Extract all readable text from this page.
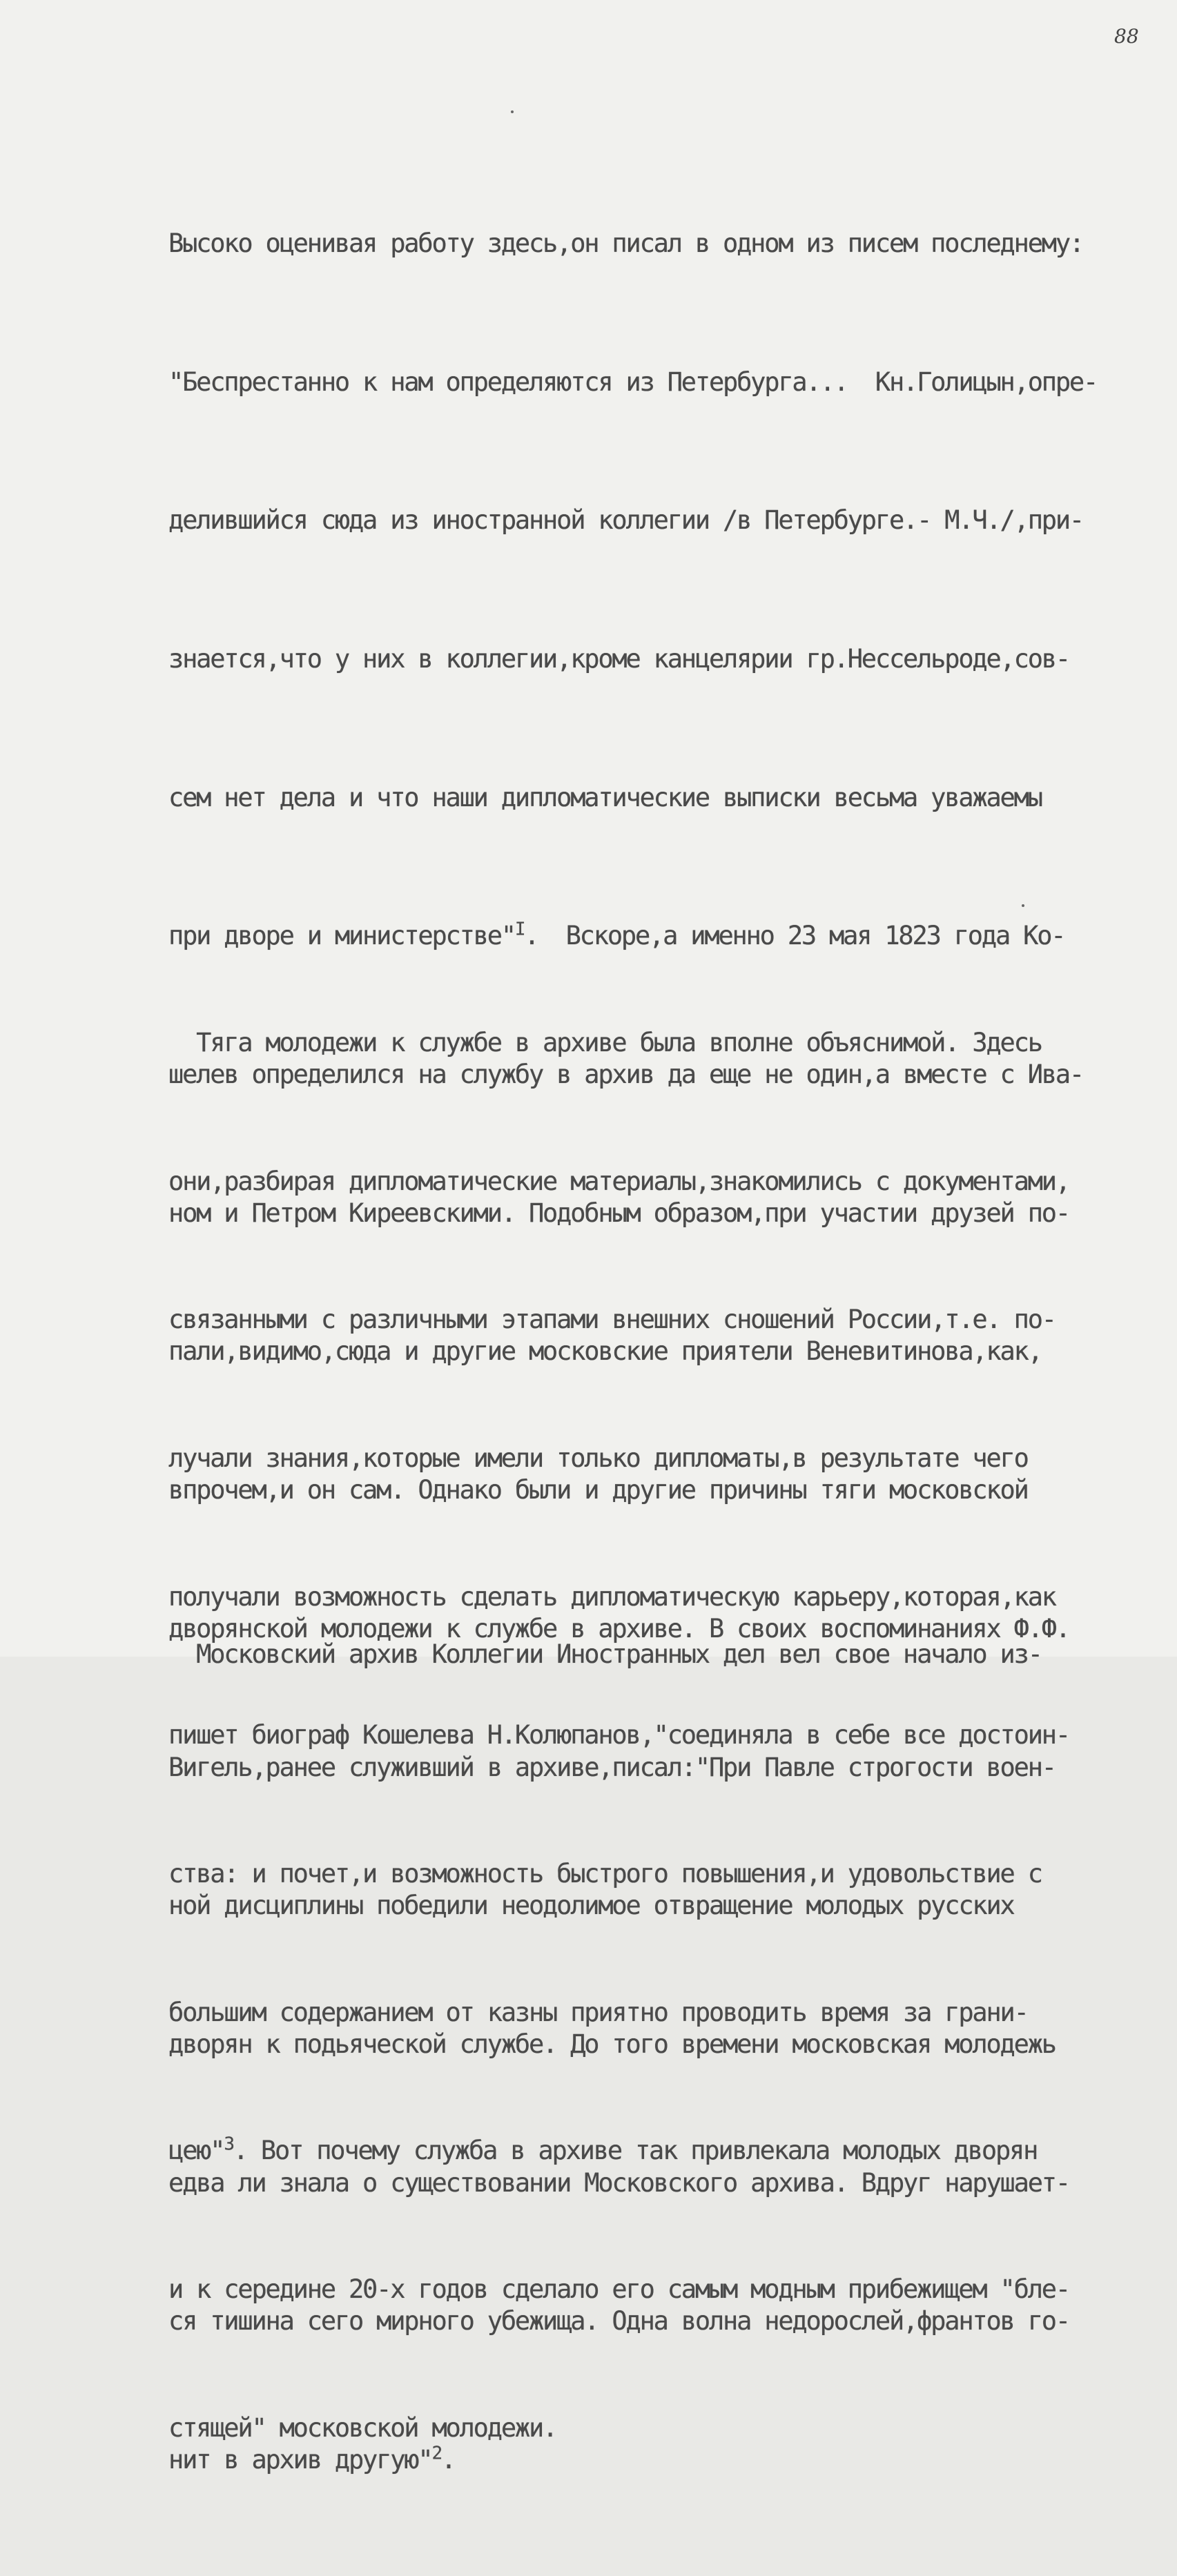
88

Высоко оценивая работу здесь,он писал в одном из писем последнему:

"Беспрестанно к нам определяются из Петербурга...  Кн.Голицын,опре-

делившийся сюда из иностранной коллегии /в Петербурге.- М.Ч./,при-

знается,что у них в коллегии,кроме канцелярии гр.Нессельроде,сов-

сем нет дела и что наши дипломатические выписки весьма уважаемы

при дворе и министерстве"$^I$.  Вскоре,а именно 23 мая 1823 года Ко-

шелев определился на службу в архив да еще не один,а вместе с Ива-

ном и Петром Киреевскими. Подобным образом,при участии друзей по-

пали,видимо,сюда и другие московские приятели Веневитинова,как,

впрочем,и он сам. Однако были и другие причины тяги московской

дворянской молодежи к службе в архиве. В своих воспоминаниях Ф.Ф.

Вигель,ранее служивший в архиве,писал:"При Павле строгости воен-

ной дисциплины победили неодолимое отвращение молодых русских

дворян к подьяческой службе. До того времени московская молодежь

едва ли знала о существовании Московского архива. Вдруг нарушает-

ся тишина сего мирного убежища. Одна волна недорослей,франтов го-

нит в архив другую"$^2$.

Тяга молодежи к службе в архиве была вполне объяснимой. Здесь

они,разбирая дипломатические материалы,знакомились с документами,

связанными с различными этапами внешних сношений России,т.е. по-

лучали знания,которые имели только дипломаты,в результате чего

получали возможность сделать дипломатическую карьеру,которая,как

пишет биограф Кошелева Н.Колюпанов,"соединяла в себе все достоин-

ства: и почет,и возможность быстрого повышения,и удовольствие с

большим содержанием от казны приятно проводить время за грани-

цею"$^3$. Вот почему служба в архиве так привлекала молодых дворян

и к середине 20-х годов сделало его самым модным прибежищем "бле-

стящей" московской молодежи.

Московский архив Коллегии Иностранных дел вел свое начало из-
